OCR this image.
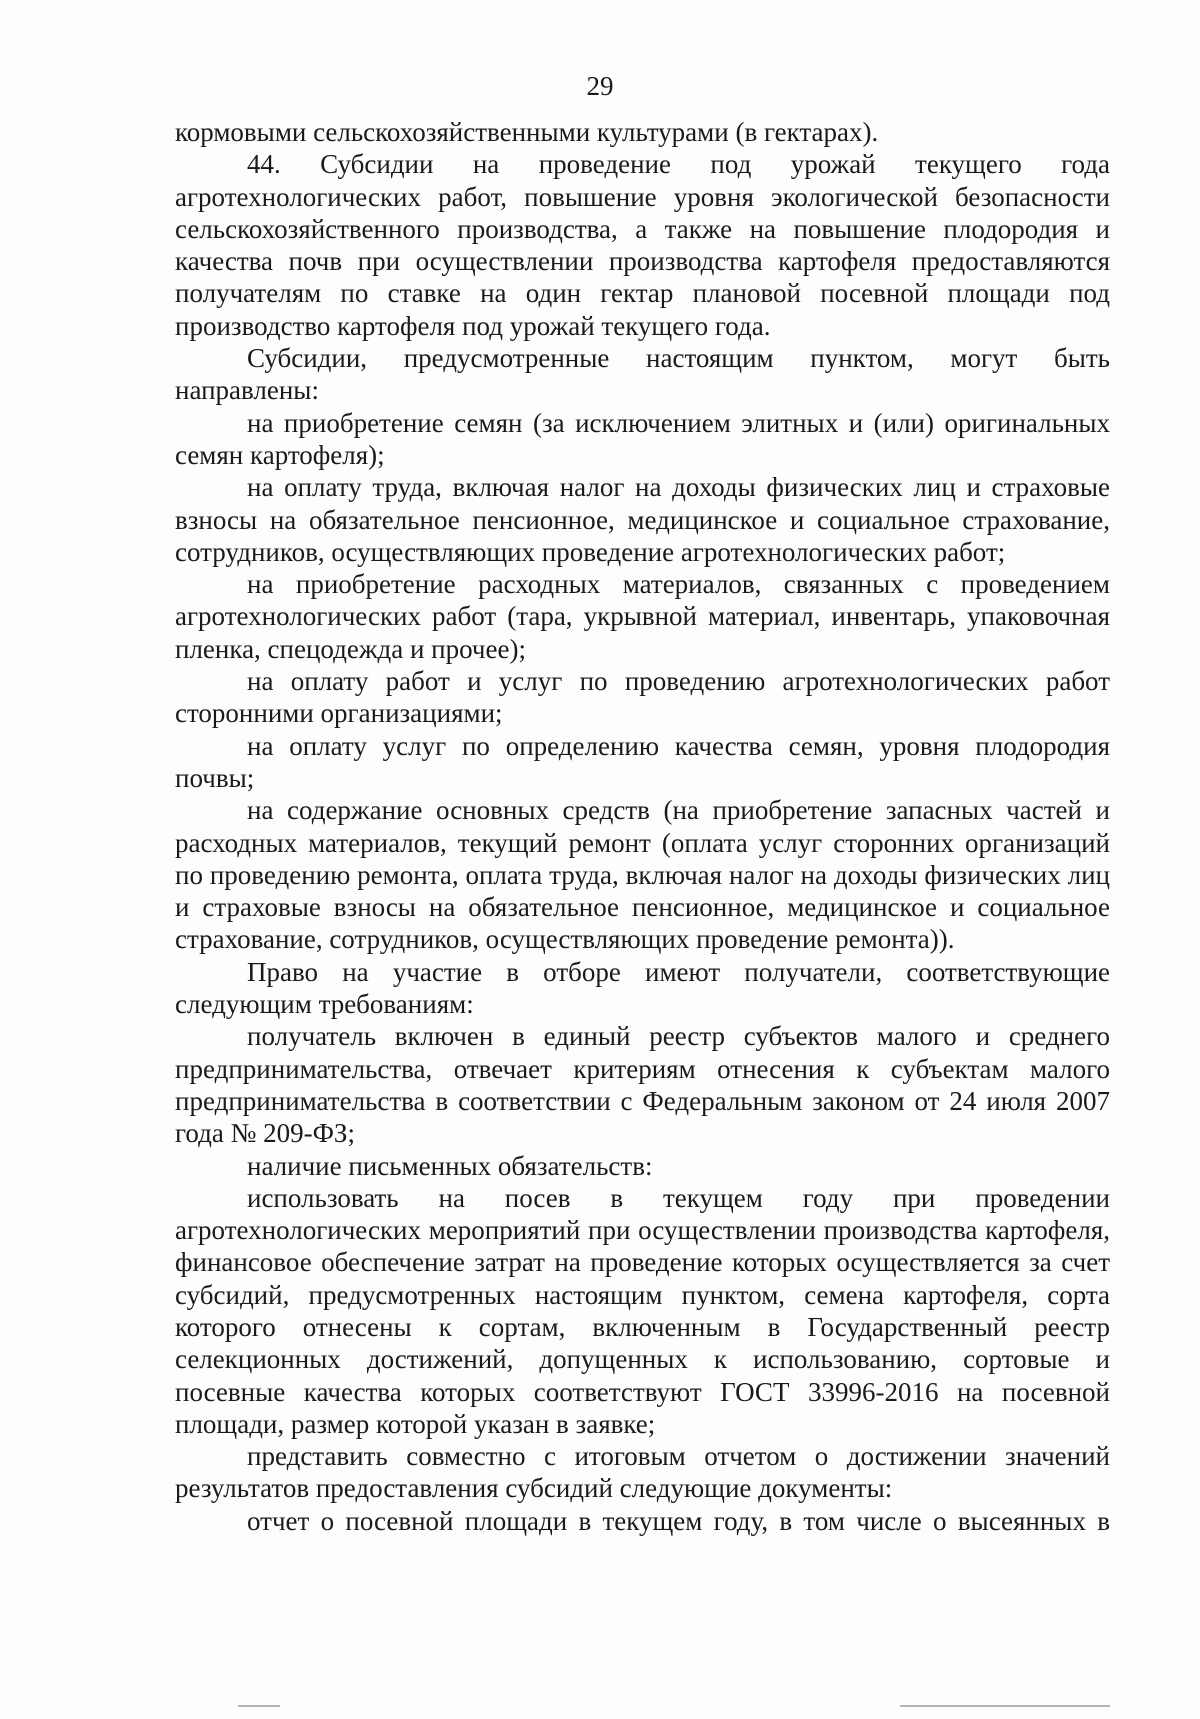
29

кормовыми сельскохозяйственными культурами (в гектарах).

44. Субсидии на проведение под урожай текущего года агротехнологических работ, повышение уровня экологической безопасности сельскохозяйственного производства, а также на повышение плодородия и качества почв при осуществлении производства картофеля предоставляются получателям по ставке на один гектар плановой посевной площади под производство картофеля под урожай текущего года.

Субсидии, предусмотренные настоящим пунктом, могут быть направлены:

на приобретение семян (за исключением элитных и (или) оригинальных семян картофеля);

на оплату труда, включая налог на доходы физических лиц и страховые взносы на обязательное пенсионное, медицинское и социальное страхование, сотрудников, осуществляющих проведение агротехнологических работ;

на приобретение расходных материалов, связанных с проведением агротехнологических работ (тара, укрывной материал, инвентарь, упаковочная пленка, спецодежда и прочее);

на оплату работ и услуг по проведению агротехнологических работ сторонними организациями;

на оплату услуг по определению качества семян, уровня плодородия почвы;

на содержание основных средств (на приобретение запасных частей и расходных материалов, текущий ремонт (оплата услуг сторонних организаций по проведению ремонта, оплата труда, включая налог на доходы физических лиц и страховые взносы на обязательное пенсионное, медицинское и социальное страхование, сотрудников, осуществляющих проведение ремонта)).

Право на участие в отборе имеют получатели, соответствующие следующим требованиям:

получатель включен в единый реестр субъектов малого и среднего предпринимательства, отвечает критериям отнесения к субъектам малого предпринимательства в соответствии с Федеральным законом от 24 июля 2007 года № 209-ФЗ;

наличие письменных обязательств:

использовать на посев в текущем году при проведении агротехнологических мероприятий при осуществлении производства картофеля, финансовое обеспечение затрат на проведение которых осуществляется за счет субсидий, предусмотренных настоящим пунктом, семена картофеля, сорта которого отнесены к сортам, включенным в Государственный реестр селекционных достижений, допущенных к использованию, сортовые и посевные качества которых соответствуют ГОСТ 33996-2016 на посевной площади, размер которой указан в заявке;

представить совместно с итоговым отчетом о достижении значений результатов предоставления субсидий следующие документы:

отчет о посевной площади в текущем году, в том числе о высеянных в
